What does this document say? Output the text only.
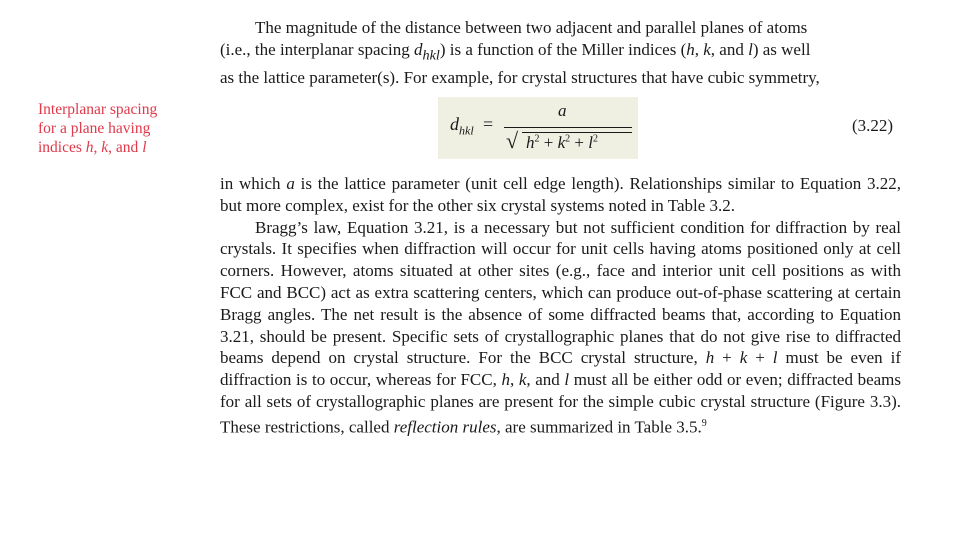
Interplanar spacing
for a plane having
indices h, k, and l

The magnitude of the distance between two adjacent and parallel planes of atoms

(i.e., the interplanar spacing $d_{hkl}$) is a function of the Miller indices (h, k, and l) as well

as the lattice parameter(s). For example, for crystal structures that have cubic symmetry,

$d_{hkl}$ =
a
√ $h^2 + k^2 + l^2$
(3.22)

in which a is the lattice parameter (unit cell edge length). Relationships similar to Equation 3.22, but more complex, exist for the other six crystal systems noted in Table 3.2.

Bragg’s law, Equation 3.21, is a necessary but not sufficient condition for diffraction by real crystals. It specifies when diffraction will occur for unit cells having atoms positioned only at cell corners. However, atoms situated at other sites (e.g., face and interior unit cell positions as with FCC and BCC) act as extra scattering centers, which can produce out-of-phase scattering at certain Bragg angles. The net result is the absence of some diffracted beams that, according to Equation 3.21, should be present. Specific sets of crystallographic planes that do not give rise to diffracted beams depend on crystal structure. For the BCC crystal structure, h + k + l must be even if diffraction is to occur, whereas for FCC, h, k, and l must all be either odd or even; diffracted beams for all sets of crystallographic planes are present for the simple cubic crystal structure (Figure 3.3). These restrictions, called reflection rules, are summarized in Table 3.5.$^9$
